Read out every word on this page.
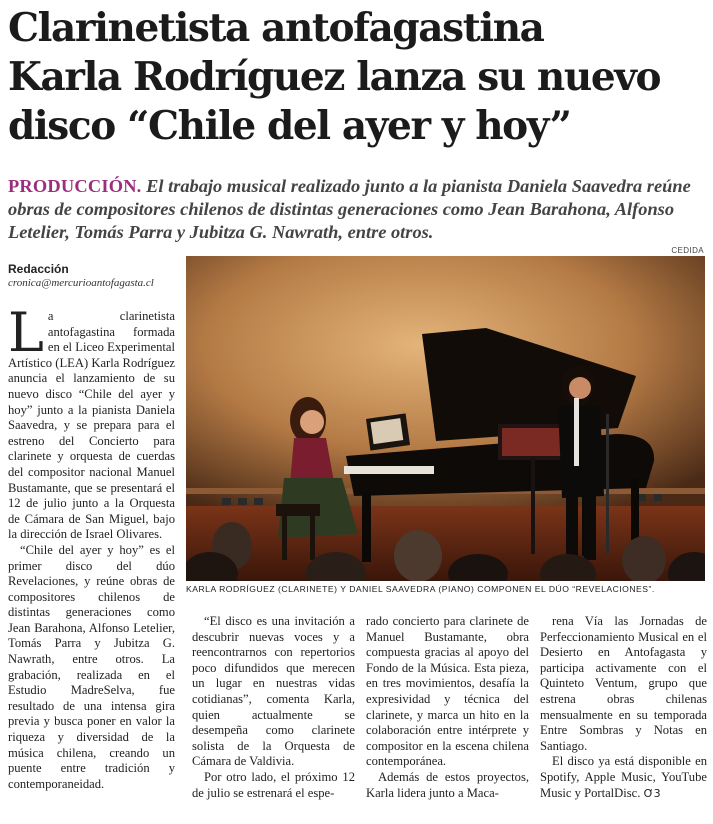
Clarinetista antofagastina
Karla Rodríguez lanza su nuevo
disco “Chile del ayer y hoy”

PRODUCCIÓN. El trabajo musical realizado junto a la pianista Daniela Saavedra reúne obras de compositores chilenos de distintas generaciones como Jean Barahona, Alfonso Letelier, Tomás Parra y Jubitza G. Nawrath, entre otros.

CEDIDA
Redacción
cronica@mercurioantofagasta.cl
KARLA RODRÍGUEZ (CLARINETE) Y DANIEL SAAVEDRA (PIANO) COMPONEN EL DÚO “REVELACIONES”.

La clarinetista antofagastina formada en el Liceo Experimental Artístico (LEA) Karla Rodríguez anuncia el lanzamiento de su nuevo disco “Chile del ayer y hoy” junto a la pianista Daniela Saavedra, y se prepara para el estreno del Concierto para clarinete y orquesta de cuerdas del compositor nacional Manuel Bustamante, que se presentará el 12 de julio junto a la Orquesta de Cámara de San Miguel, bajo la dirección de Israel Olivares.

“Chile del ayer y hoy” es el primer disco del dúo Revelaciones, y reúne obras de compositores chilenos de distintas generaciones como Jean Barahona, Alfonso Letelier, Tomás Parra y Jubitza G. Nawrath, entre otros. La grabación, realizada en el Estudio MadreSelva, fue resultado de una intensa gira previa y busca poner en valor la riqueza y diversidad de la música chilena, creando un puente entre tradición y contemporaneidad.

“El disco es una invitación a descubrir nuevas voces y a reencontrarnos con repertorios poco difundidos que merecen un lugar en nuestras vidas cotidianas”, comenta Karla, quien actualmente se desempeña como clarinete solista de la Orquesta de Cámara de Valdivia.

Por otro lado, el próximo 12 de julio se estrenará el espe-

rado concierto para clarinete de Manuel Bustamante, obra compuesta gracias al apoyo del Fondo de la Música. Esta pieza, en tres movimientos, desafía la expresividad y técnica del clarinete, y marca un hito en la colaboración entre intérprete y compositor en la escena chilena contemporánea.

Además de estos proyectos, Karla lidera junto a Maca-

rena Vía las Jornadas de Perfeccionamiento Musical en el Desierto en Antofagasta y participa activamente con el Quinteto Ventum, grupo que estrena obras chilenas mensualmente en su temporada Entre Sombras y Notas en Santiago.

El disco ya está disponible en Spotify, Apple Music, YouTube Music y PortalDisc. Ơ3
